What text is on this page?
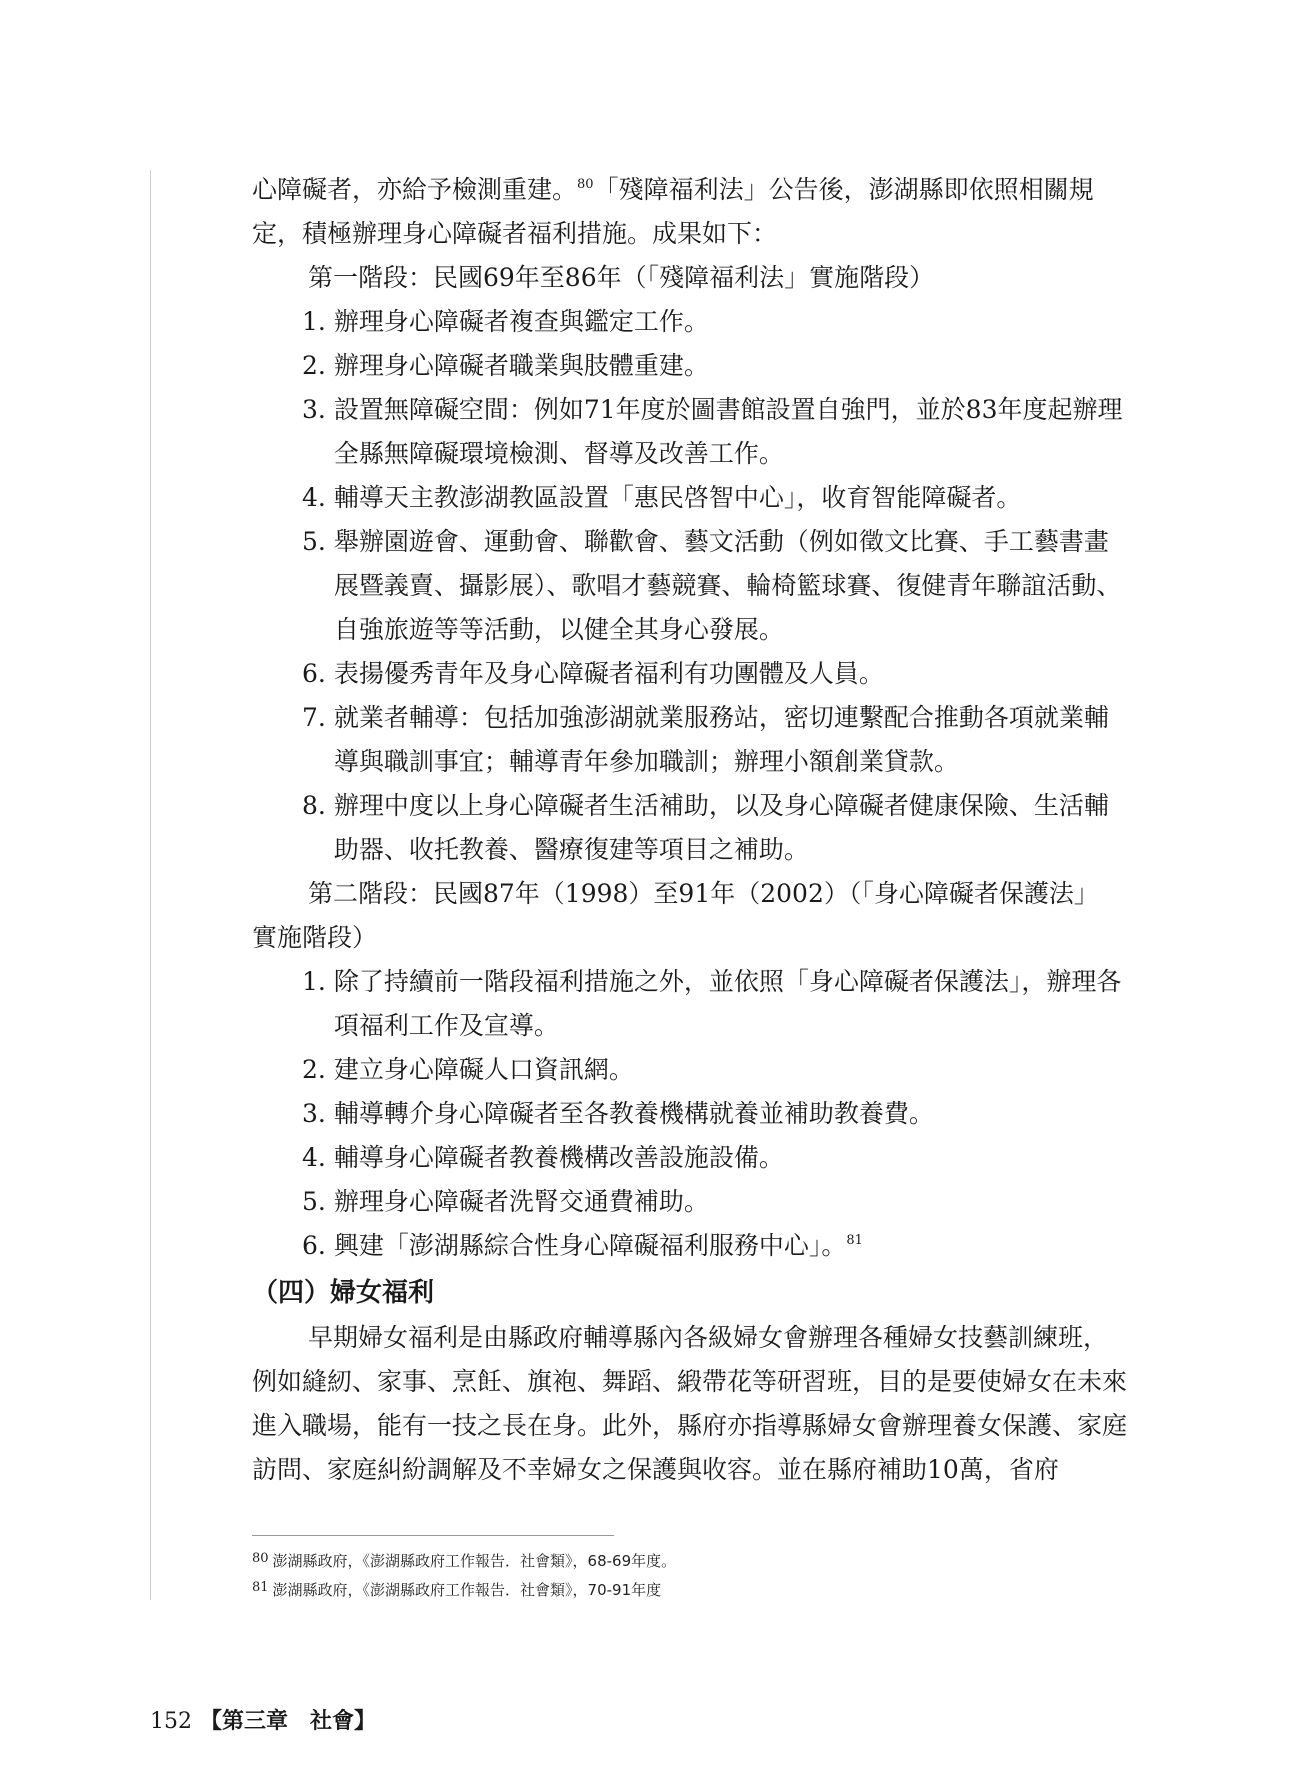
心障礙者，亦給予檢測重建。$^{80}$「殘障福利法」公告後，澎湖縣即依照相關規
定，積極辦理身心障礙者福利措施。成果如下：
第一階段：民國69年至86年（「殘障福利法」實施階段）
1. 辦理身心障礙者複查與鑑定工作。
2. 辦理身心障礙者職業與肢體重建。
3. 設置無障礙空間：例如71年度於圖書館設置自強門，並於83年度起辦理全縣無障礙環境檢測、督導及改善工作。
4. 輔導天主教澎湖教區設置「惠民啓智中心」，收育智能障礙者。
5. 舉辦園遊會、運動會、聯歡會、藝文活動（例如徵文比賽、手工藝書畫展暨義賣、攝影展）、歌唱才藝競賽、輪椅籃球賽、復健青年聯誼活動、自強旅遊等等活動，以健全其身心發展。
6. 表揚優秀青年及身心障礙者福利有功團體及人員。
7. 就業者輔導：包括加強澎湖就業服務站，密切連繫配合推動各項就業輔導與職訓事宜；輔導青年參加職訓；辦理小額創業貸款。
8. 辦理中度以上身心障礙者生活補助，以及身心障礙者健康保險、生活輔助器、收托教養、醫療復建等項目之補助。
第二階段：民國87年（1998）至91年（2002）（「身心障礙者保護法」
實施階段）
1. 除了持續前一階段福利措施之外，並依照「身心障礙者保護法」，辦理各項福利工作及宣導。
2. 建立身心障礙人口資訊網。
3. 輔導轉介身心障礙者至各教養機構就養並補助教養費。
4. 輔導身心障礙者教養機構改善設施設備。
5. 辦理身心障礙者洗腎交通費補助。
6. 興建「澎湖縣綜合性身心障礙福利服務中心」。$^{81}$
（四）婦女福利
早期婦女福利是由縣政府輔導縣內各級婦女會辦理各種婦女技藝訓練班，例如縫紉、家事、烹飪、旗袍、舞蹈、緞帶花等研習班，目的是要使婦女在未來進入職場，能有一技之長在身。此外，縣府亦指導縣婦女會辦理養女保護、家庭訪問、家庭糾紛調解及不幸婦女之保護與收容。並在縣府補助10萬，省府
$^{80}$ 澎湖縣政府，《澎湖縣政府工作報告．社會類》，68-69年度。
$^{81}$ 澎湖縣政府，《澎湖縣政府工作報告．社會類》，70-91年度
152 【第三章　社會】
